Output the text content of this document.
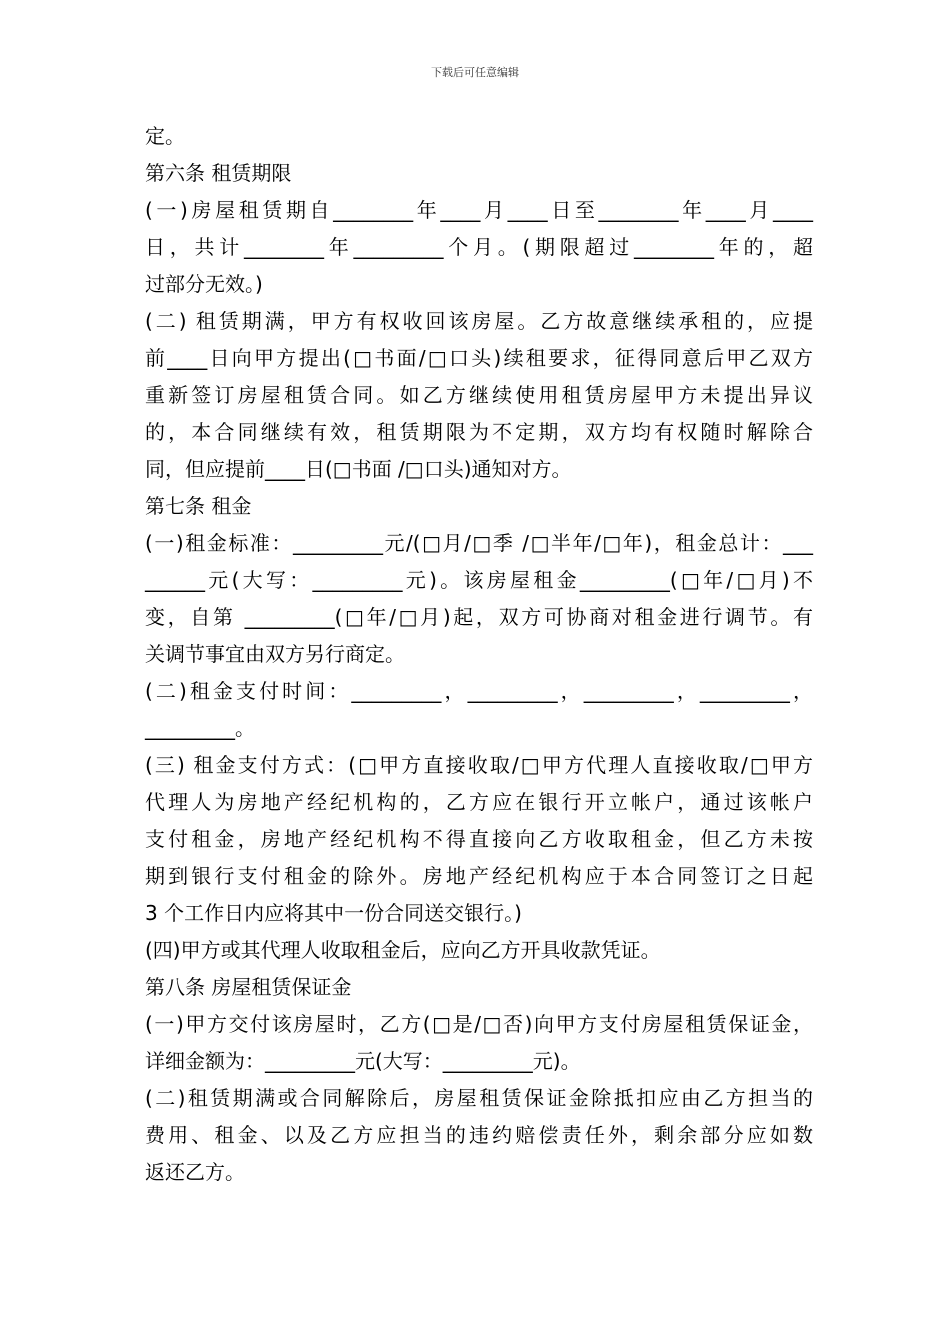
下载后可任意编辑
定。
第六条 租赁期限
(一)房屋租赁期自________年____月____日至________年____月____
日，共计________年_________个月。(期限超过________年的，超
过部分无效。)
(二) 租赁期满，甲方有权收回该房屋。乙方故意继续承租的，应提
前____日向甲方提出(□书面/□口头)续租要求，征得同意后甲乙双方
重新签订房屋租赁合同。如乙方继续使用租赁房屋甲方未提出异议
的，本合同继续有效，租赁期限为不定期，双方均有权随时解除合
同，但应提前____日(□书面 /□口头)通知对方。
第七条 租金
(一)租金标准：_________元/(□月/□季 /□半年/□年)，租金总计：___
______元(大写：_________元)。该房屋租金_________(□年/□月)不
变，自第 _________(□年/□月)起，双方可协商对租金进行调节。有
关调节事宜由双方另行商定。
(二)租金支付时间：_________，_________，_________，_________，
_________。
(三) 租金支付方式：(□甲方直接收取/□甲方代理人直接收取/□甲方
代理人为房地产经纪机构的，乙方应在银行开立帐户，通过该帐户
支付租金，房地产经纪机构不得直接向乙方收取租金，但乙方未按
期到银行支付租金的除外。房地产经纪机构应于本合同签订之日起
3 个工作日内应将其中一份合同送交银行。)
(四)甲方或其代理人收取租金后，应向乙方开具收款凭证。
第八条 房屋租赁保证金
(一)甲方交付该房屋时，乙方(□是/□否)向甲方支付房屋租赁保证金，
详细金额为：_________元(大写：_________元)。
(二)租赁期满或合同解除后，房屋租赁保证金除抵扣应由乙方担当的
费用、租金、以及乙方应担当的违约赔偿责任外，剩余部分应如数
返还乙方。
